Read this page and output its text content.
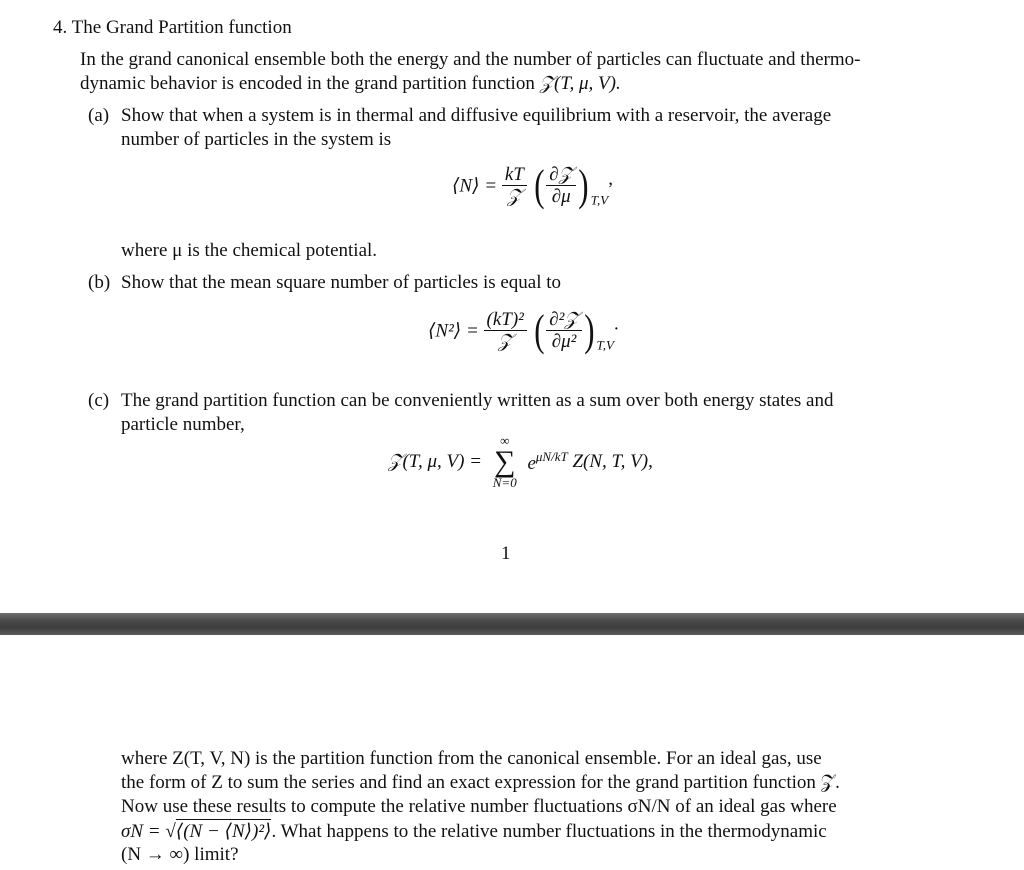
4. The Grand Partition function
In the grand canonical ensemble both the energy and the number of particles can fluctuate and thermo-
dynamic behavior is encoded in the grand partition function 𝒵(T, μ, V).
(a) Show that when a system is in thermal and diffusive equilibrium with a reservoir, the average
number of particles in the system is
⟨N⟩ = $\frac{kT}{\text{𝒵}}$ ( $\frac{\text{∂𝒵}}{\partial\mu}$ ) $_{T,V}$,
where μ is the chemical potential.
(b) Show that the mean square number of particles is equal to
⟨N²⟩ = $\frac{\text{(kT)²}}{\text{𝒵}}$ ( $\frac{\text{∂²𝒵}}{\text{∂μ²}}$ ) $_{T,V}$.
(c) The grand partition function can be conveniently written as a sum over both energy states and
particle number,
𝒵(T, μ, V) =
∞
∑
N=0
$e^{\mu N/kT}$ Z(N, T, V),
1
where Z(T, V, N) is the partition function from the canonical ensemble. For an ideal gas, use
the form of Z to sum the series and find an exact expression for the grand partition function 𝒵.
Now use these results to compute the relative number fluctuations σN/N of an ideal gas where
σN = √⟨(N − ⟨N⟩)²⟩. What happens to the relative number fluctuations in the thermodynamic
(N → ∞) limit?
